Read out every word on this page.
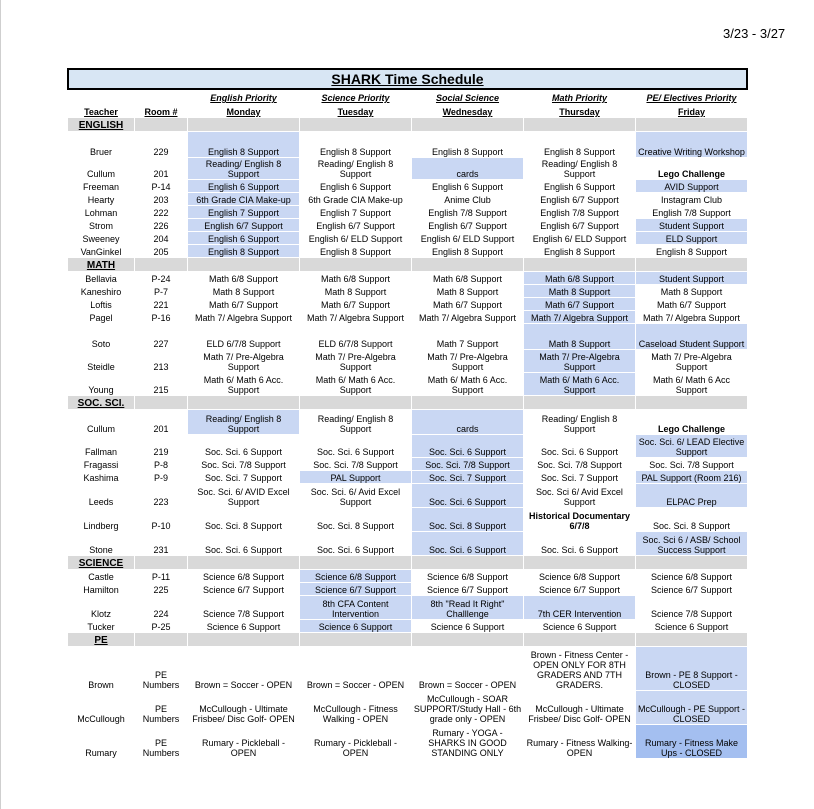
3/23 - 3/27
SHARK Time Schedule
		English Priority	Science Priority	Social Science	Math Priority	PE/ Electives Priority
Teacher	Room #	Monday	Tuesday	Wednesday	Thursday	Friday
ENGLISH						
Bruer	229	English 8 Support	English 8 Support	English 8 Support	English 8 Support	Creative Writing Workshop
Cullum	201	Reading/ English 8 Support	Reading/ English 8 Support	cards	Reading/ English 8 Support	Lego Challenge
Freeman	P-14	English 6 Support	English 6 Support	English 6 Support	English 6 Support	AVID Support
Hearty	203	6th Grade CIA Make-up	6th Grade CIA Make-up	Anime Club	English 6/7 Support	Instagram Club
Lohman	222	English 7 Support	English 7 Support	English 7/8 Support	English 7/8 Support	English 7/8 Support
Strom	226	English 6/7 Support	English 6/7 Support	English 6/7 Support	English 6/7 Support	Student Support
Sweeney	204	English 6 Support	English 6/ ELD Support	English 6/ ELD Support	English 6/ ELD Support	ELD Support
VanGinkel	205	English 8 Support	English 8 Support	English 8 Support	English 8 Support	English 8 Support
MATH						
Bellavia	P-24	Math 6/8 Support	Math 6/8 Support	Math 6/8 Support	Math 6/8 Support	Student Support
Kaneshiro	P-7	Math 8 Support	Math 8 Support	Math 8 Support	Math 8 Support	Math 8 Support
Loftis	221	Math 6/7 Support	Math 6/7 Support	Math 6/7 Support	Math 6/7 Support	Math 6/7 Support
Pagel	P-16	Math 7/ Algebra Support	Math 7/ Algebra Support	Math 7/ Algebra Support	Math 7/ Algebra Support	Math 7/ Algebra Support
Soto	227	ELD 6/7/8 Support	ELD 6/7/8 Support	Math 7 Support	Math 8 Support	Caseload Student Support
Steidle	213	Math 7/ Pre-Algebra Support	Math 7/ Pre-Algebra Support	Math 7/ Pre-Algebra Support	Math 7/ Pre-Algebra Support	Math 7/ Pre-Algebra Support
Young	215	Math 6/ Math 6 Acc. Support	Math 6/ Math 6 Acc. Support	Math 6/ Math 6 Acc. Support	Math 6/ Math 6 Acc. Support	Math 6/ Math 6 Acc Support
SOC. SCI.						
Cullum	201	Reading/ English 8 Support	Reading/ English 8 Support	cards	Reading/ English 8 Support	Lego Challenge
Fallman	219	Soc. Sci. 6 Support	Soc. Sci. 6 Support	Soc. Sci. 6 Support	Soc. Sci. 6 Support	Soc. Sci. 6/ LEAD Elective Support
Fragassi	P-8	Soc. Sci. 7/8 Support	Soc. Sci. 7/8 Support	Soc. Sci. 7/8 Support	Soc. Sci. 7/8 Support	Soc. Sci. 7/8 Support
Kashima	P-9	Soc. Sci. 7 Support	PAL Support	Soc. Sci. 7 Support	Soc. Sci. 7 Support	PAL Support (Room 216)
Leeds	223	Soc. Sci. 6/ AVID Excel Support	Soc. Sci. 6/ Avid Excel Support	Soc. Sci. 6 Support	Soc. Sci 6/ Avid Excel Support	ELPAC Prep
Lindberg	P-10	Soc. Sci. 8 Support	Soc. Sci. 8 Support	Soc. Sci. 8 Support	Historical Documentary 6/7/8	Soc. Sci. 8 Support
Stone	231	Soc. Sci. 6 Support	Soc. Sci. 6 Support	Soc. Sci. 6 Support	Soc. Sci. 6 Support	Soc. Sci 6 / ASB/ School Success Support
SCIENCE						
Castle	P-11	Science 6/8 Support	Science 6/8 Support	Science 6/8 Support	Science 6/8 Support	Science 6/8 Support
Hamilton	225	Science 6/7 Support	Science 6/7 Support	Science 6/7 Support	Science 6/7 Support	Science 6/7 Support
Klotz	224	Science 7/8 Support	8th CFA Content Intervention	8th "Read It Right" Challlenge	7th CER Intervention	Science 7/8 Support
Tucker	P-25	Science 6 Support	Science 6 Support	Science 6 Support	Science 6 Support	Science 6 Support
PE						
Brown	PE Numbers	Brown = Soccer - OPEN	Brown = Soccer - OPEN	Brown = Soccer - OPEN	Brown - Fitness Center - OPEN ONLY FOR 8TH GRADERS AND 7TH GRADERS.	Brown - PE 8 Support - CLOSED
McCullough	PE Numbers	McCullough - Ultimate Frisbee/ Disc Golf- OPEN	McCullough - Fitness Walking - OPEN	McCullough - SOAR SUPPORT/Study Hall - 6th grade only - OPEN	McCullough - Ultimate Frisbee/ Disc Golf- OPEN	McCullough - PE Support - CLOSED
Rumary	PE Numbers	Rumary - Pickleball - OPEN	Rumary - Pickleball - OPEN	Rumary - YOGA - SHARKS IN GOOD STANDING ONLY	Rumary - Fitness Walking- OPEN	Rumary - Fitness Make Ups - CLOSED
